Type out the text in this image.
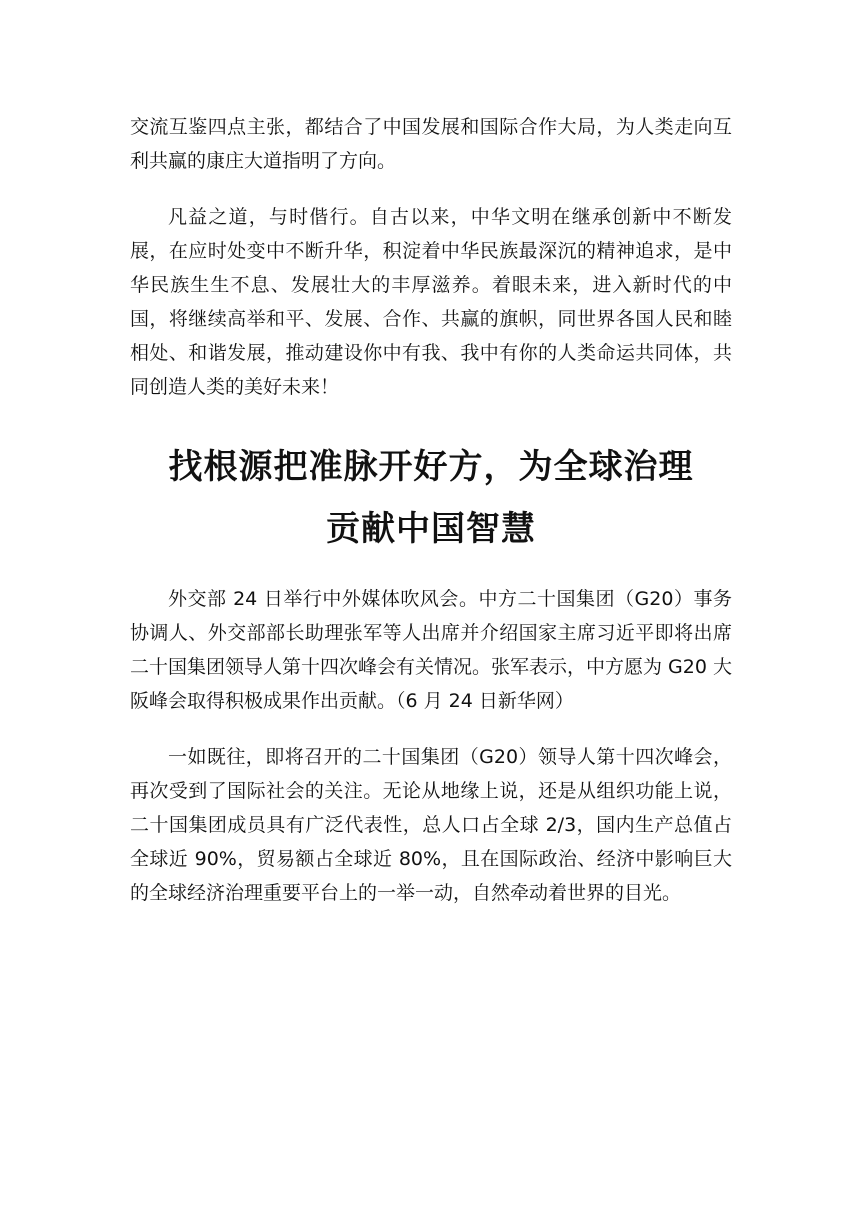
交流互鉴四点主张，都结合了中国发展和国际合作大局，为人类走向互利共赢的康庄大道指明了方向。

凡益之道，与时偕行。自古以来，中华文明在继承创新中不断发展，在应时处变中不断升华，积淀着中华民族最深沉的精神追求，是中华民族生生不息、发展壮大的丰厚滋养。着眼未来，进入新时代的中国，将继续高举和平、发展、合作、共赢的旗帜，同世界各国人民和睦相处、和谐发展，推动建设你中有我、我中有你的人类命运共同体，共同创造人类的美好未来！

找根源把准脉开好方，为全球治理
贡献中国智慧

外交部 24 日举行中外媒体吹风会。中方二十国集团（G20）事务协调人、外交部部长助理张军等人出席并介绍国家主席习近平即将出席二十国集团领导人第十四次峰会有关情况。张军表示，中方愿为 G20 大阪峰会取得积极成果作出贡献。（6 月 24 日新华网）

一如既往，即将召开的二十国集团（G20）领导人第十四次峰会，再次受到了国际社会的关注。无论从地缘上说，还是从组织功能上说，二十国集团成员具有广泛代表性，总人口占全球 2/3，国内生产总值占全球近 90%，贸易额占全球近 80%，且在国际政治、经济中影响巨大的全球经济治理重要平台上的一举一动，自然牵动着世界的目光。
